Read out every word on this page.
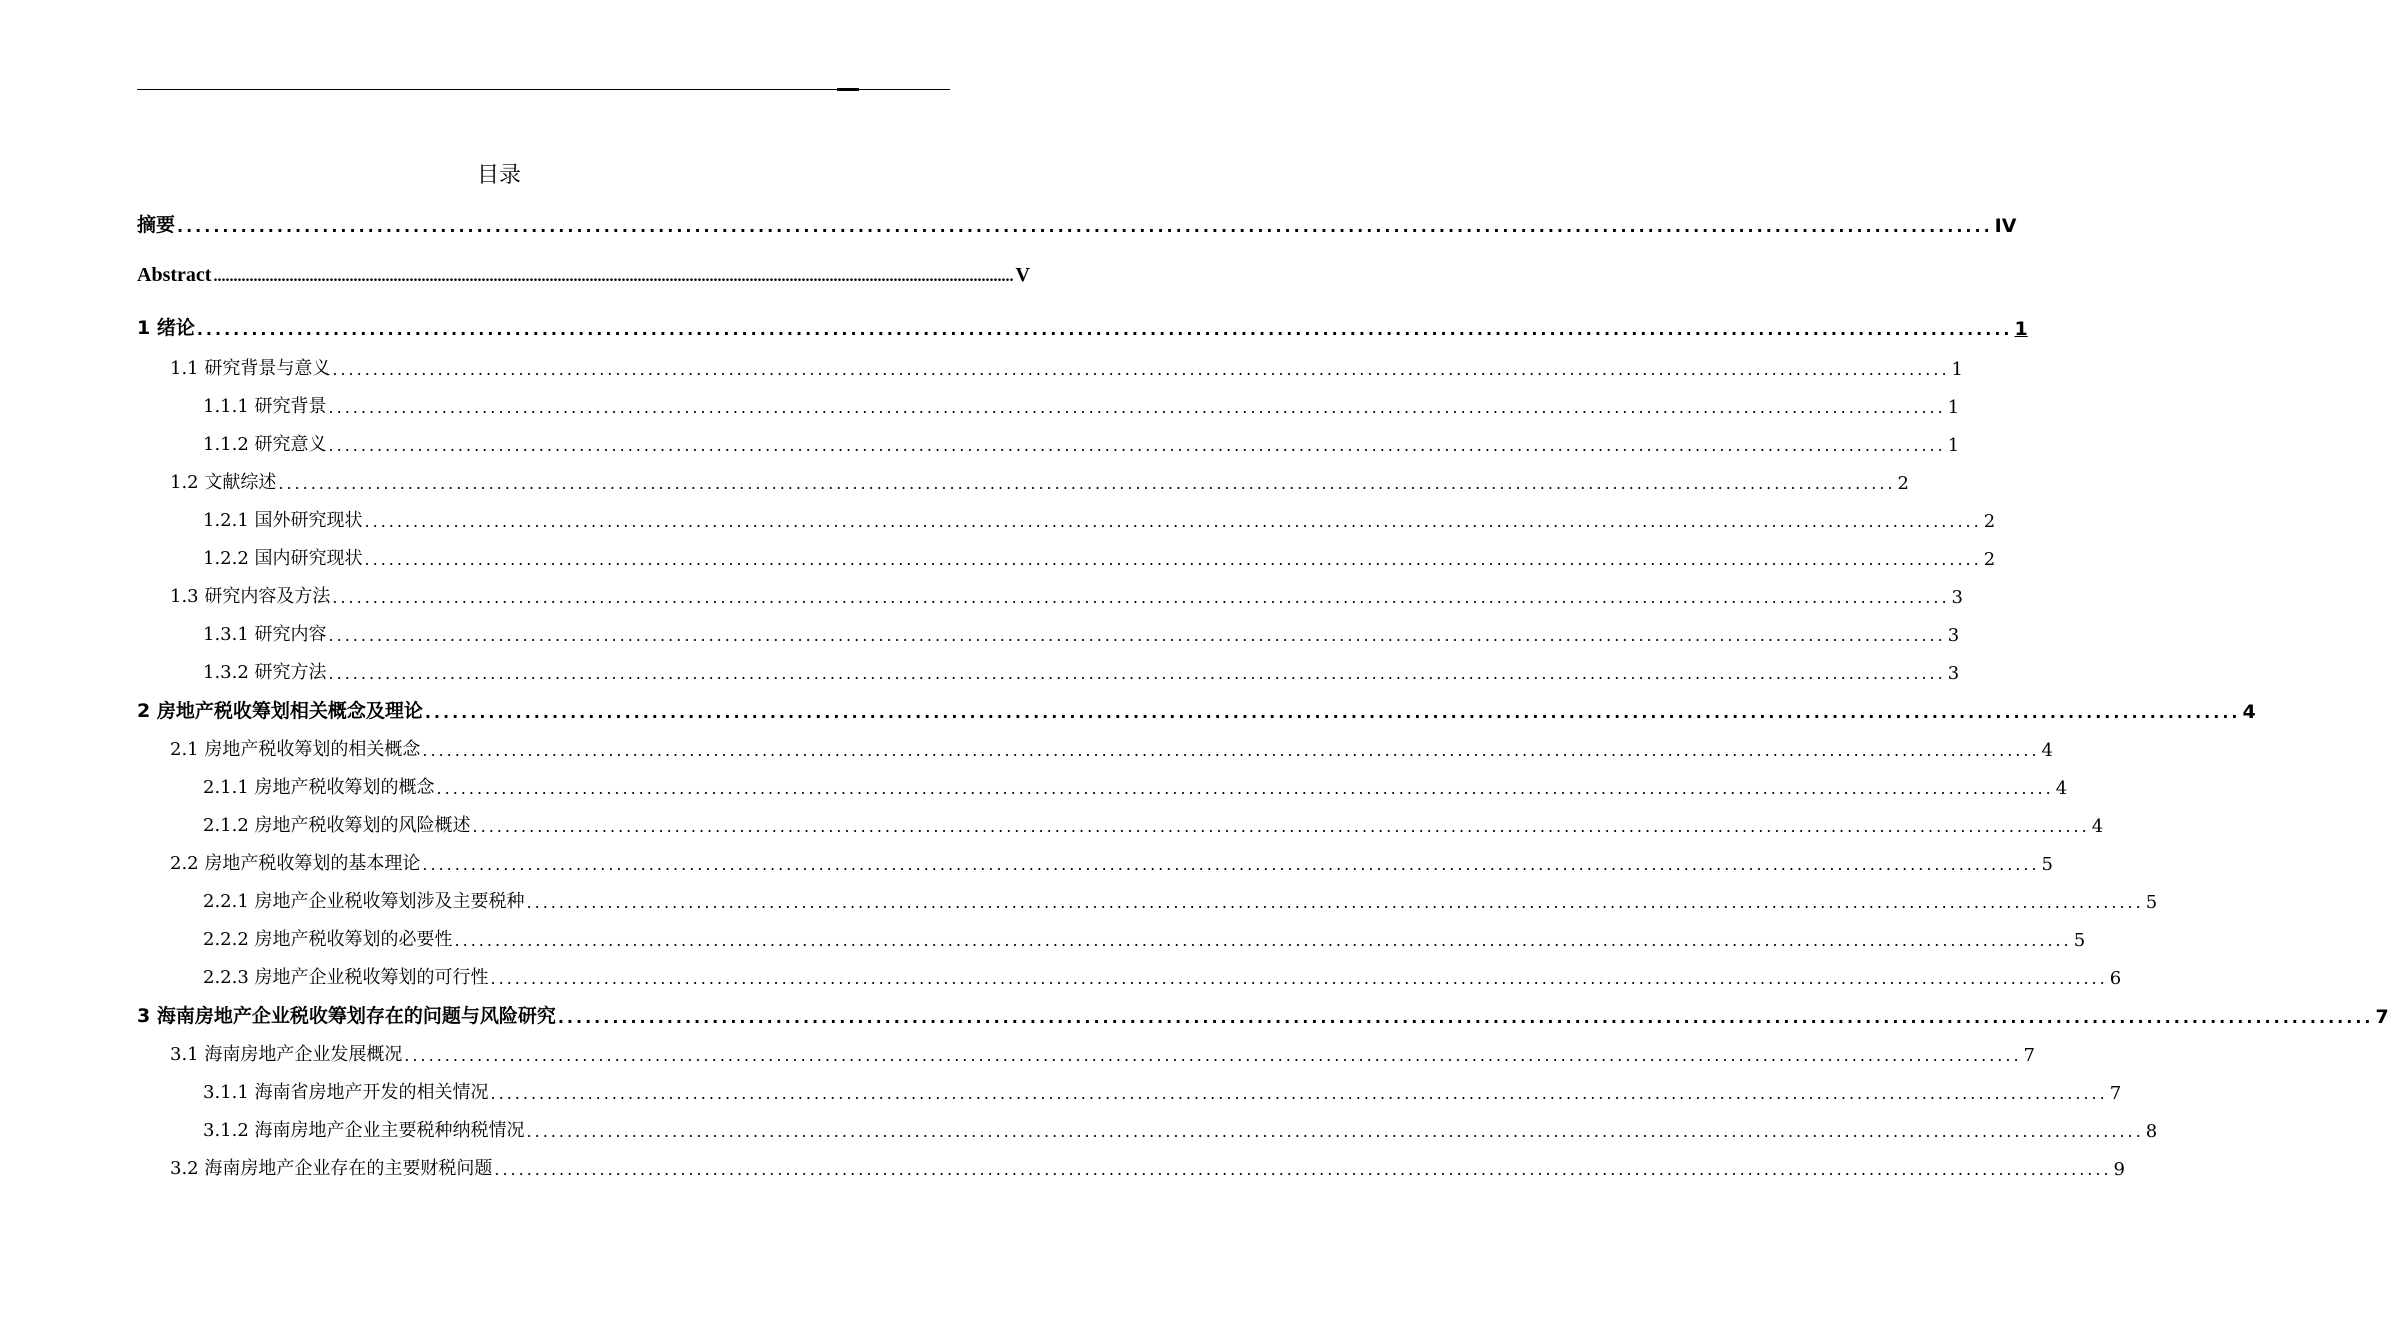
目录
摘要 ........................................................................................................................................................................................................ IV
Abstract ........................................................................................................................................................................................................ V
1 绪论 ........................................................................................................................................................................................................ 1
1.1 研究背景与意义 ........................................................................................................................................................................................................ 1
1.1.1 研究背景 ........................................................................................................................................................................................................ 1
1.1.2 研究意义 ........................................................................................................................................................................................................ 1
1.2 文献综述 ........................................................................................................................................................................................................ 2
1.2.1 国外研究现状 ........................................................................................................................................................................................................ 2
1.2.2 国内研究现状 ........................................................................................................................................................................................................ 2
1.3 研究内容及方法 ........................................................................................................................................................................................................ 3
1.3.1 研究内容 ........................................................................................................................................................................................................ 3
1.3.2 研究方法 ........................................................................................................................................................................................................ 3
2 房地产税收筹划相关概念及理论 ........................................................................................................................................................................................................ 4
2.1 房地产税收筹划的相关概念 ........................................................................................................................................................................................................ 4
2.1.1 房地产税收筹划的概念 ........................................................................................................................................................................................................ 4
2.1.2 房地产税收筹划的风险概述 ........................................................................................................................................................................................................ 4
2.2 房地产税收筹划的基本理论 ........................................................................................................................................................................................................ 5
2.2.1 房地产企业税收筹划涉及主要税种 ........................................................................................................................................................................................................ 5
2.2.2 房地产税收筹划的必要性 ........................................................................................................................................................................................................ 5
2.2.3 房地产企业税收筹划的可行性 ........................................................................................................................................................................................................ 6
3 海南房地产企业税收筹划存在的问题与风险研究 ........................................................................................................................................................................................................ 7
3.1 海南房地产企业发展概况 ........................................................................................................................................................................................................ 7
3.1.1 海南省房地产开发的相关情况 ........................................................................................................................................................................................................ 7
3.1.2 海南房地产企业主要税种纳税情况 ........................................................................................................................................................................................................ 8
3.2 海南房地产企业存在的主要财税问题 ........................................................................................................................................................................................................ 9
